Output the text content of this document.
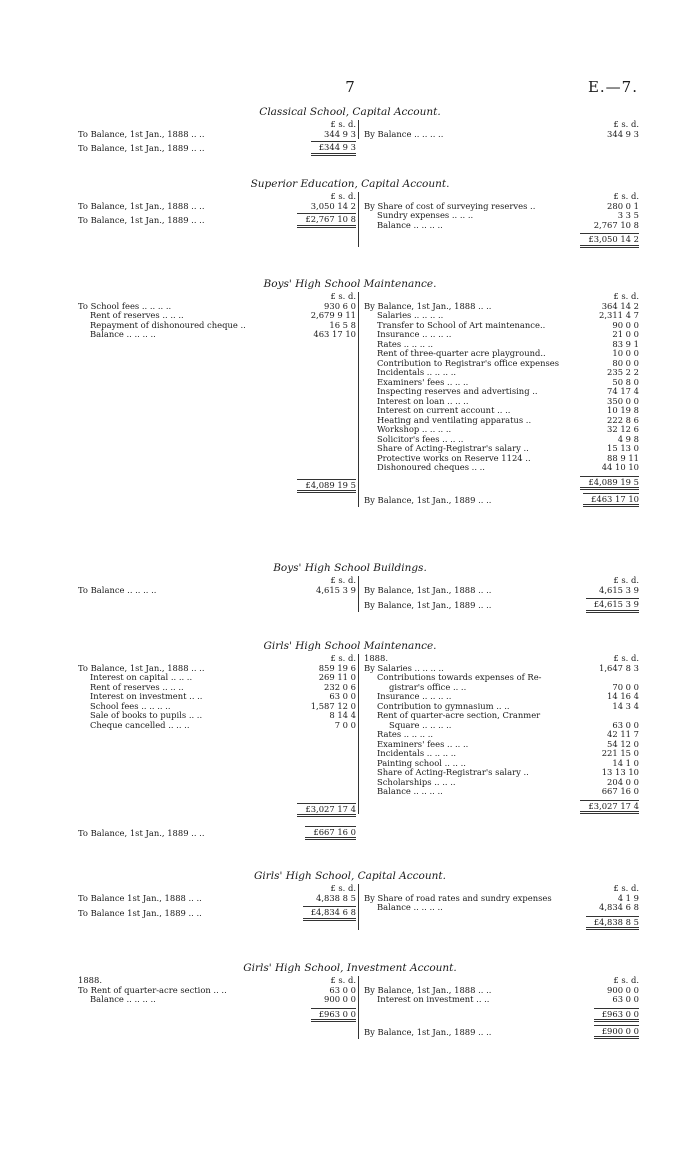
7	E.—7.
Classical School, Capital Account.
£ s. d.
To Balance, 1st Jan., 1888 .. ..	344 9 3
To Balance, 1st Jan., 1889 .. ..	£344 9 3
£ s. d.
By Balance .. .. .. ..	344 9 3
Superior Education, Capital Account.
£ s. d.
To Balance, 1st Jan., 1888 .. ..	3,050 14 2
To Balance, 1st Jan., 1889 .. ..	£2,767 10 8
£ s. d.
By Share of cost of surveying reserves ..	280 0 1
Sundry expenses .. .. ..	3 3 5
Balance .. .. .. ..	2,767 10 8
£3,050 14 2
Boys' High School Maintenance.
£ s. d.
To School fees .. .. .. ..	930 6 0
Rent of reserves .. .. ..	2,679 9 11
Repayment of dishonoured cheque ..	16 5 8
Balance .. .. .. ..	463 17 10
£ s. d.
By Balance, 1st Jan., 1888 .. ..	364 14 2
Salaries .. .. .. ..	2,311 4 7
Transfer to School of Art maintenance..	90 0 0
Insurance .. .. .. ..	21 0 0
Rates .. .. .. ..	83 9 1
Rent of three-quarter acre playground..	10 0 0
Contribution to Registrar's office expenses	80 0 0
Incidentals .. .. .. ..	235 2 2
Examiners' fees .. .. ..	50 8 0
Inspecting reserves and advertising ..	74 17 4
Interest on loan .. .. ..	350 0 0
Interest on current account .. ..	10 19 8
Heating and ventilating apparatus ..	222 8 6
Workshop .. .. .. ..	32 12 6
Solicitor's fees .. .. ..	4 9 8
Share of Acting-Registrar's salary ..	15 13 0
Protective works on Reserve 1124 ..	88 9 11
Dishonoured cheques .. ..	44 10 10
£4,089 19 5
By Balance, 1st Jan., 1889 .. ..	£463 17 10
£4,089 19 5
Boys' High School Buildings.
£ s. d.
To Balance .. .. .. ..	4,615 3 9
£ s. d.
By Balance, 1st Jan., 1888 .. ..	4,615 3 9
By Balance, 1st Jan., 1889 .. ..	£4,615 3 9
Girls' High School Maintenance.
£ s. d.
To Balance, 1st Jan., 1888 .. ..	859 19 6
Interest on capital .. .. ..	269 11 0
Rent of reserves .. .. ..	232 0 6
Interest on investment .. ..	63 0 0
School fees .. .. .. ..	1,587 12 0
Sale of books to pupils .. ..	8 14 4
Cheque cancelled .. .. ..	7 0 0
1888.	£ s. d.
By Salaries .. .. .. ..	1,647 8 3
Contributions towards expenses of Re-
gistrar's office .. ..	70 0 0
Insurance .. .. .. ..	14 16 4
Contribution to gymnasium .. ..	14 3 4
Rent of quarter-acre section, Cranmer
Square .. .. .. ..	63 0 0
Rates .. .. .. ..	42 11 7
Examiners' fees .. .. ..	54 12 0
Incidentals .. .. .. ..	221 15 0
Painting school .. .. ..	14 1 0
Share of Acting-Registrar's salary ..	13 13 10
Scholarships .. .. ..	204 0 0
Balance .. .. .. ..	667 16 0
£3,027 17 4
£3,027 17 4
To Balance, 1st Jan., 1889 .. ..	£667 16 0
Girls' High School, Capital Account.
£ s. d.
To Balance 1st Jan., 1888 .. ..	4,838 8 5
To Balance 1st Jan., 1889 .. ..	£4,834 6 8
£ s. d.
By Share of road rates and sundry expenses	4 1 9
Balance .. .. .. ..	4,834 6 8
£4,838 8 5
Girls' High School, Investment Account.
1888.	£ s. d.
To Rent of quarter-acre section .. ..	63 0 0
Balance .. .. .. ..	900 0 0
£963 0 0
£ s. d.
By Balance, 1st Jan., 1888 .. ..	900 0 0
Interest on investment .. ..	63 0 0
£963 0 0
By Balance, 1st Jan., 1889 .. ..	£900 0 0
